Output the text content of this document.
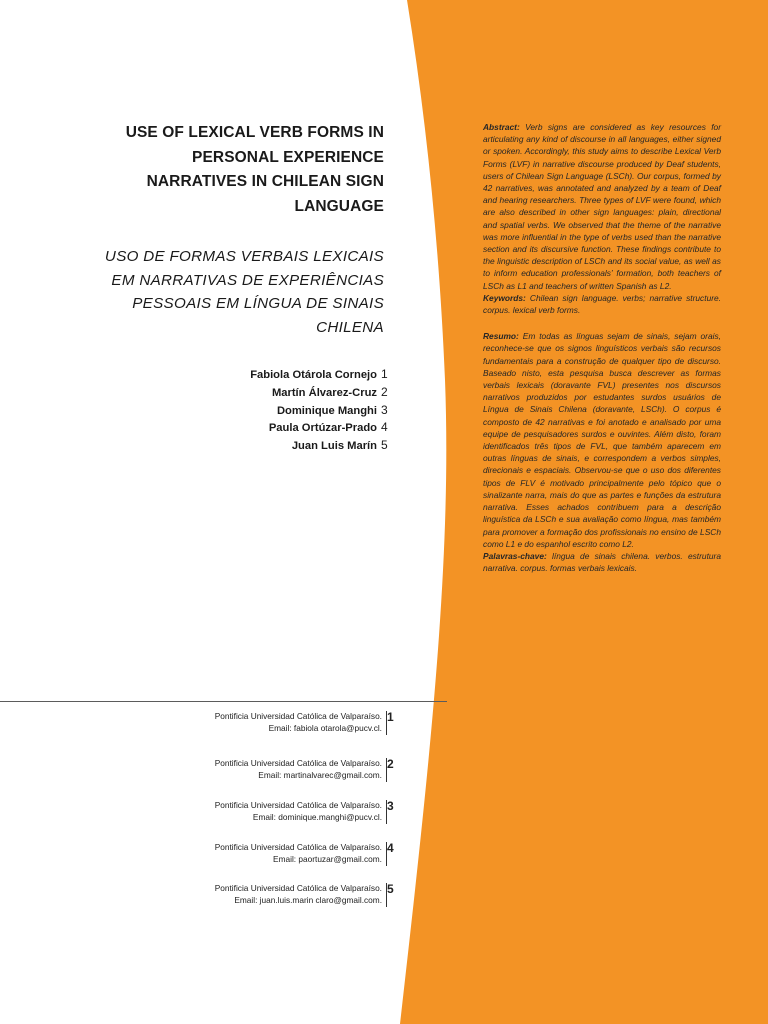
USE OF LEXICAL VERB FORMS IN PERSONAL EXPERIENCE NARRATIVES IN CHILEAN SIGN LANGUAGE
USO DE FORMAS VERBAIS LEXICAIS EM NARRATIVAS DE EXPERIÊNCIAS PESSOAIS EM LÍNGUA DE SINAIS CHILENA
Fabiola Otárola Cornejo 1
Martín Álvarez-Cruz 2
Dominique Manghi 3
Paula Ortúzar-Prado 4
Juan Luis Marín 5
Pontificia Universidad Católica de Valparaíso.
Email: fabiola otarola@pucv.cl.
1
Pontificia Universidad Católica de Valparaíso.
Email: martinalvarec@gmail.com.
2
Pontificia Universidad Católica de Valparaíso.
Email: dominique.manghi@pucv.cl.
3
Pontificia Universidad Católica de Valparaíso.
Email: paortuzar@gmail.com.
4
Pontificia Universidad Católica de Valparaíso.
Email: juan.luis.marin claro@gmail.com.
5

Abstract: Verb signs are considered as key resources for articulating any kind of discourse in all languages, either signed or spoken. Accordingly, this study aims to describe Lexical Verb Forms (LVF) in narrative discourse produced by Deaf students, users of Chilean Sign Language (LSCh). Our corpus, formed by 42 narratives, was annotated and analyzed by a team of Deaf and hearing researchers. Three types of LVF were found, which are also described in other sign languages: plain, directional and spatial verbs. We observed that the theme of the narrative was more influential in the type of verbs used than the narrative section and its discursive function. These findings contribute to the linguistic description of LSCh and its social value, as well as to inform education professionals’ formation, both teachers of LSCh as L1 and teachers of written Spanish as L2.

Keywords: Chilean sign language. verbs; narrative structure. corpus. lexical verb forms.

Resumo: Em todas as línguas sejam de sinais, sejam orais, reconhece-se que os signos linguísticos verbais são recursos fundamentais para a construção de qualquer tipo de discurso. Baseado nisto, esta pesquisa busca descrever as formas verbais lexicais (doravante FVL) presentes nos discursos narrativos produzidos por estudantes surdos usuários de Língua de Sinais Chilena (doravante, LSCh). O corpus é composto de 42 narrativas e foi anotado e analisado por uma equipe de pesquisadores surdos e ouvintes. Além disto, foram identificados três tipos de FVL, que também aparecem em outras línguas de sinais, e correspondem a verbos simples, direcionais e espaciais. Observou-se que o uso dos diferentes tipos de FLV é motivado principalmente pelo tópico que o sinalizante narra, mais do que as partes e funções da estrutura narrativa. Esses achados contribuem para a descrição linguística da LSCh e sua avaliação como língua, mas também para promover a formação dos profissionais no ensino de LSCh como L1 e do espanhol escrito como L2.

Palavras-chave: língua de sinais chilena. verbos. estrutura narrativa. corpus. formas verbais lexicais.
